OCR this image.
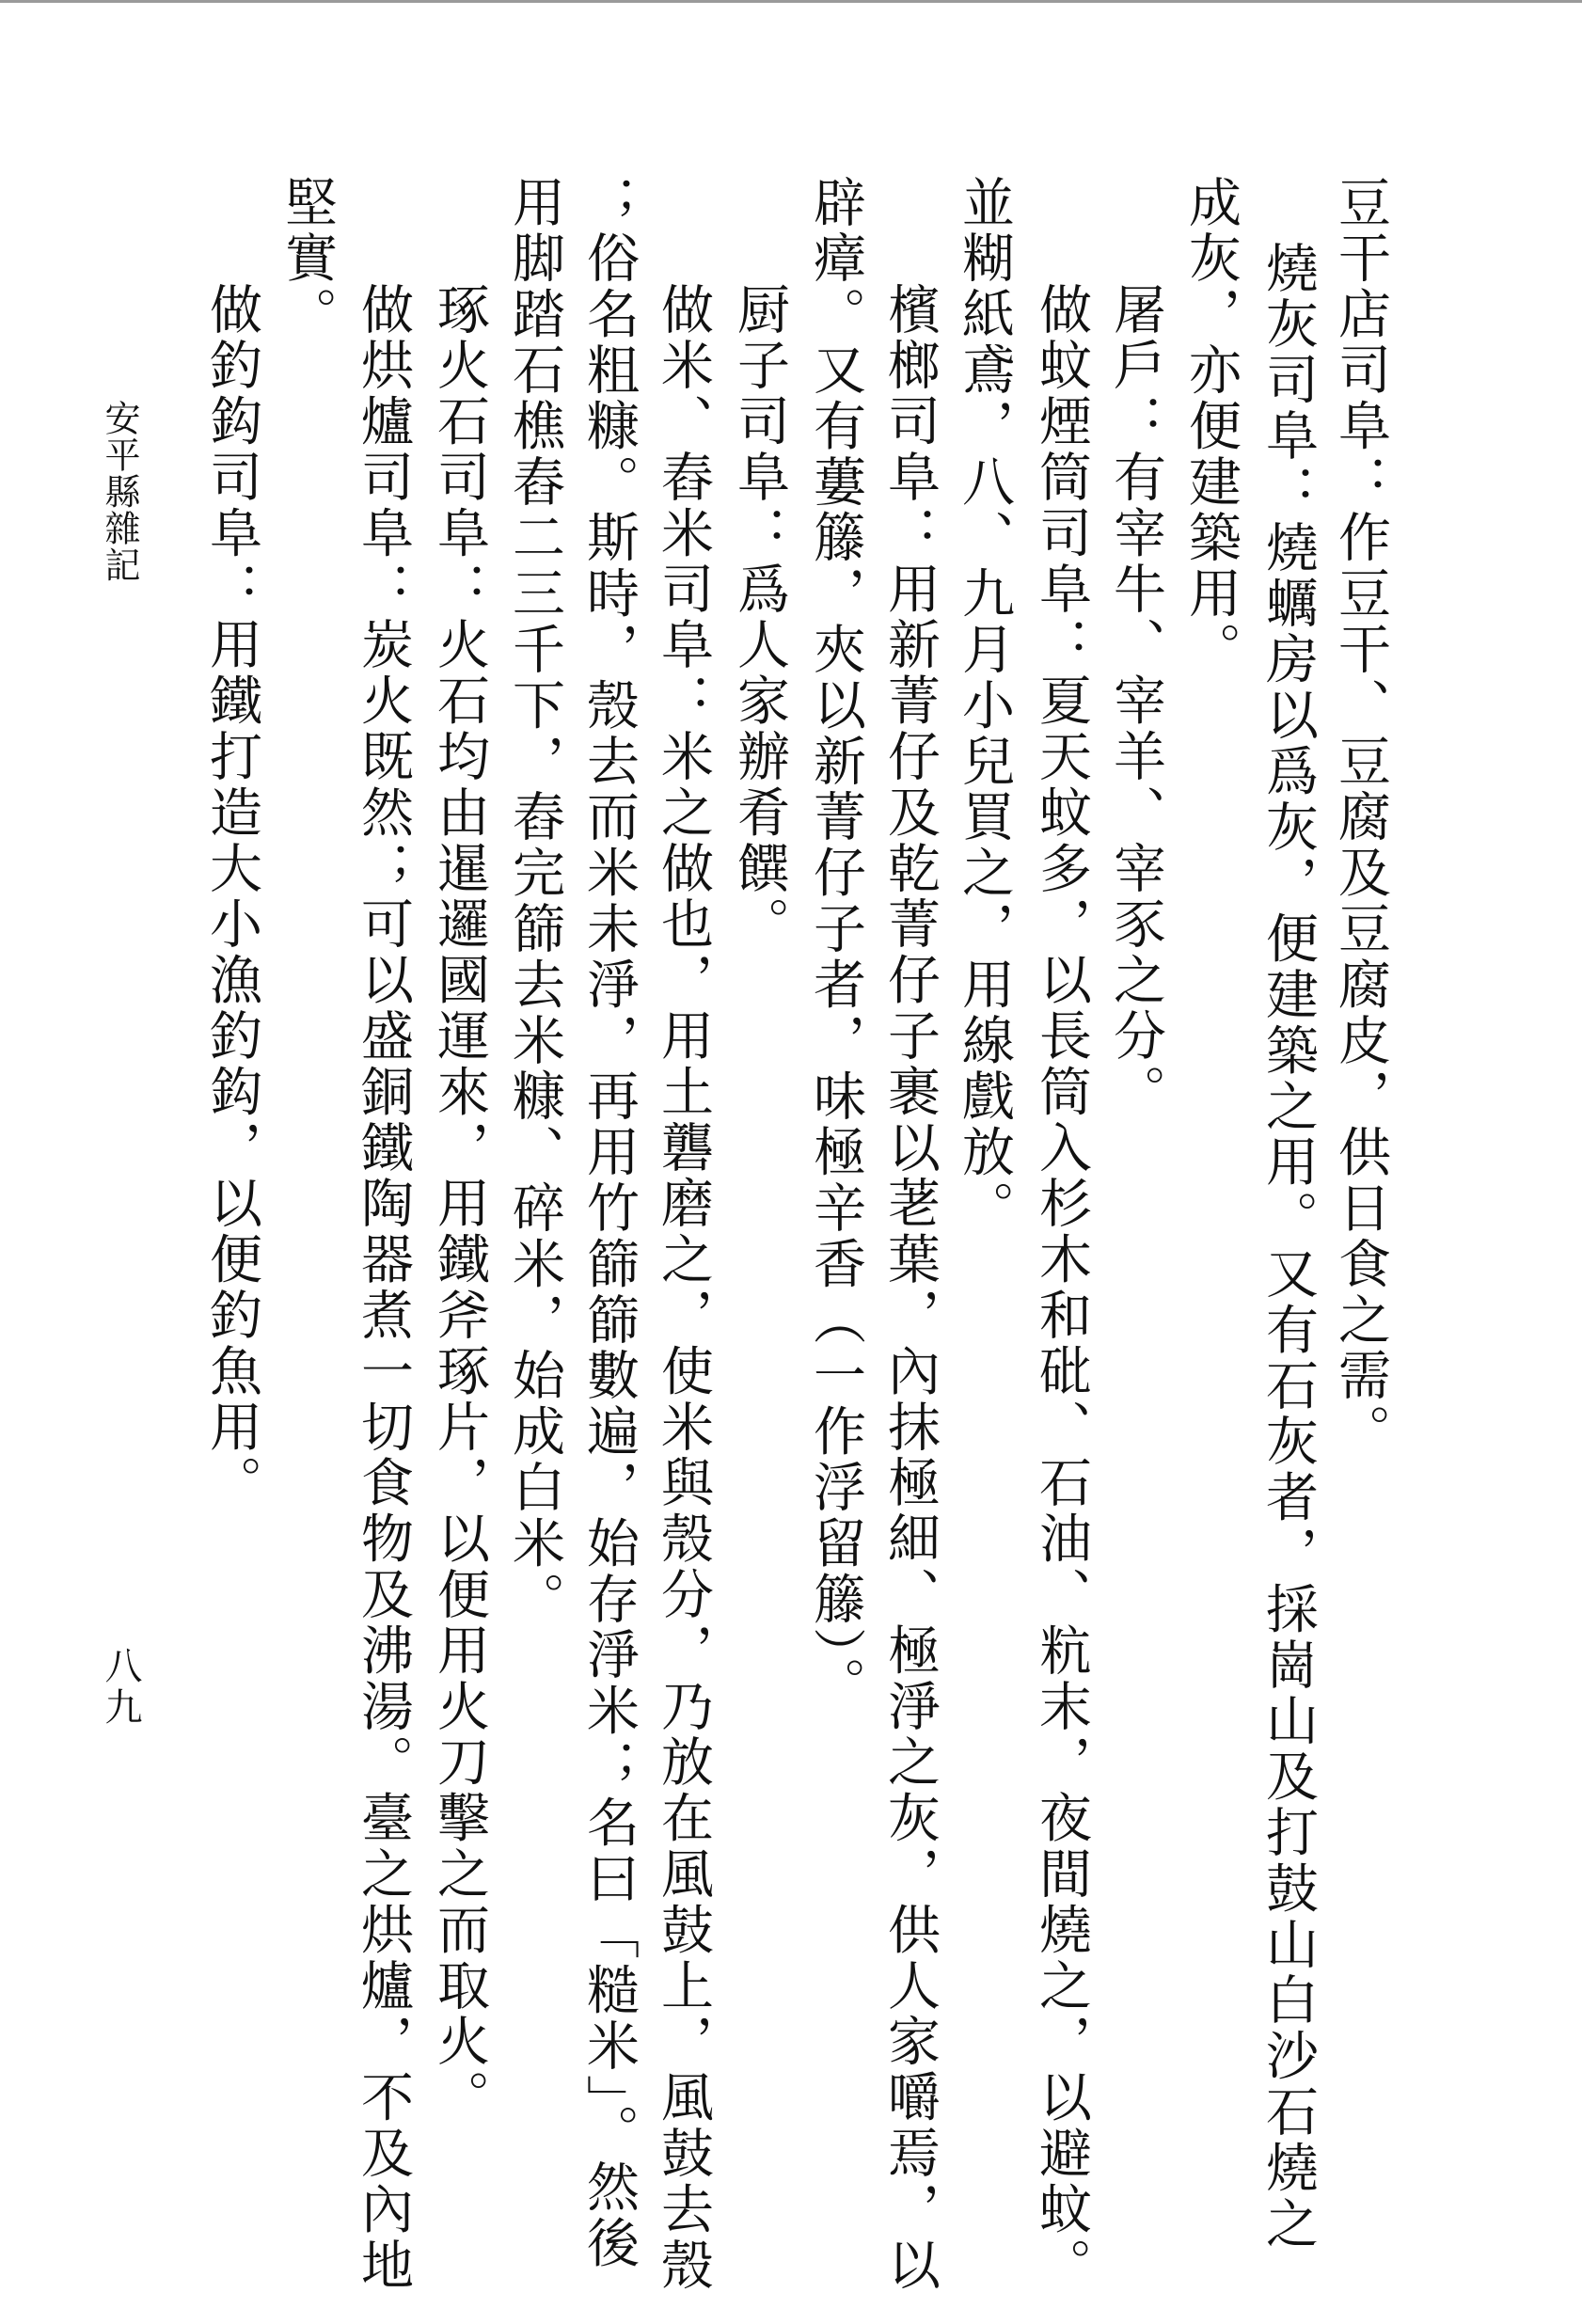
豆干店司阜：作豆干、豆腐及豆腐皮，供日食之需。
燒灰司阜：燒蠣房以爲灰，便建築之用。又有石灰者，採崗山及打鼓山白沙石燒之
成灰，亦便建築用。
屠戶：有宰牛、宰羊、宰豕之分。
做蚊煙筒司阜：夏天蚊多，以長筒入杉木和砒、石油、粇末，夜間燒之，以避蚊。
並糊紙鳶，八、九月小兒買之，用線戲放。
檳榔司阜：用新菁仔及乾菁仔子裹以荖葉，內抹極細、極淨之灰，供人家嚼焉，以
辟瘴。又有蔞籐，夾以新菁仔子者，味極辛香（一作浮留籐）。
厨子司阜：爲人家辦肴饌。
做米、舂米司阜：米之做也，用土礱磨之，使米與殼分，乃放在風鼓上，風鼓去殼
；俗名粗糠。斯時，殼去而米未淨，再用竹篩篩數遍，始存淨米；名曰「糙米」。然後
用脚踏石樵舂二三千下，舂完篩去米糠、碎米，始成白米。
琢火石司阜：火石均由暹邏國運來，用鐵斧琢片，以便用火刀擊之而取火。
做烘爐司阜：炭火既然；可以盛銅鐵陶器煮一切食物及沸湯。臺之烘爐，不及內地
堅實。
做釣鈎司阜：用鐵打造大小漁釣鈎，以便釣魚用。
安平縣雜記
八九
